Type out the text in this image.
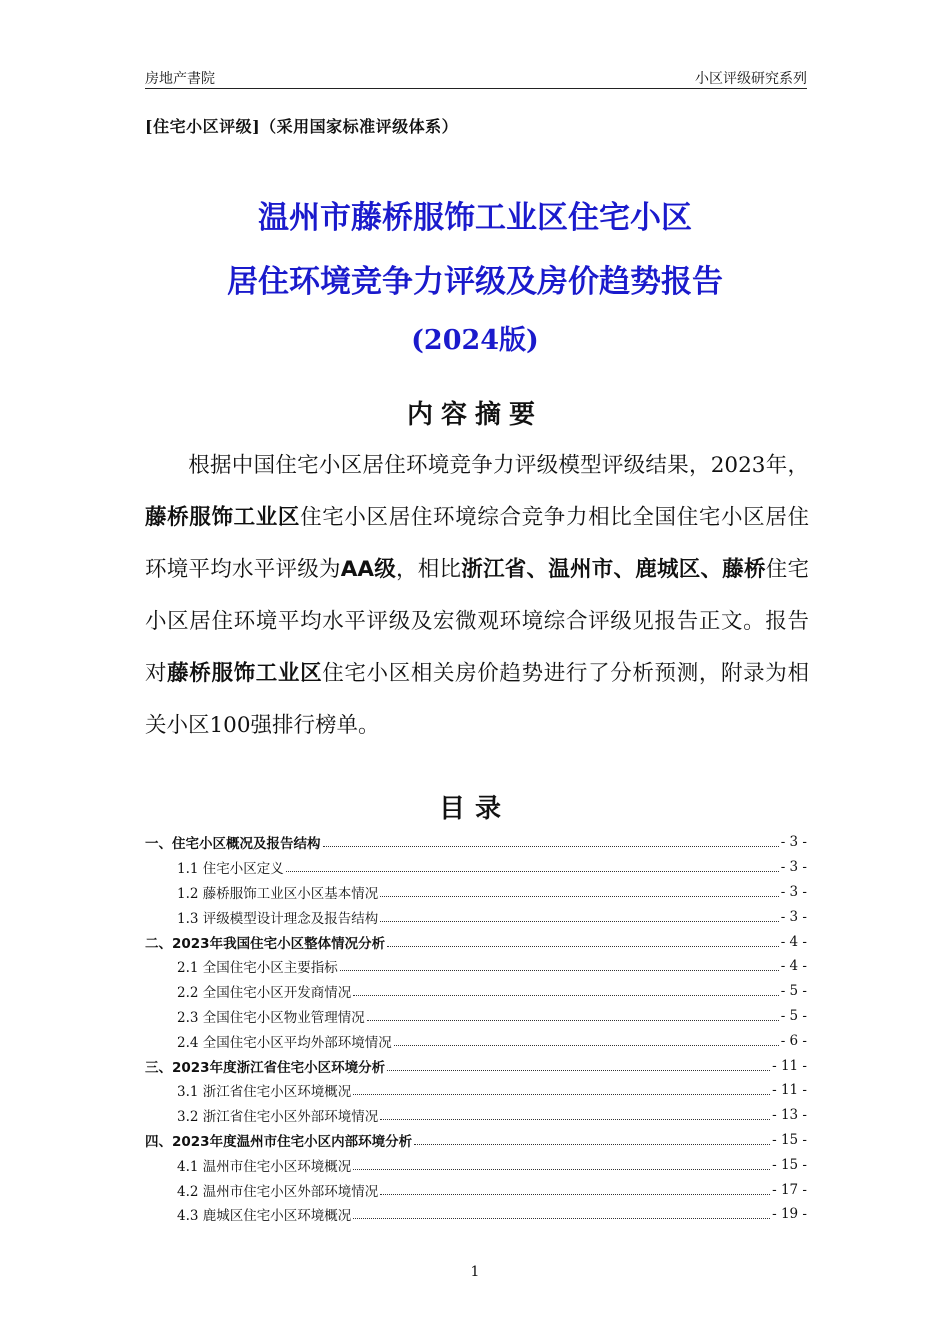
房地产書院	小区评级研究系列
[住宅小区评级]（采用国家标准评级体系）
温州市藤桥服饰工业区住宅小区
居住环境竞争力评级及房价趋势报告
(2024版)
内容摘要
根据中国住宅小区居住环境竞争力评级模型评级结果，2023年，藤桥服饰工业区住宅小区居住环境综合竞争力相比全国住宅小区居住环境平均水平评级为AA级，相比浙江省、温州市、鹿城区、藤桥住宅小区居住环境平均水平评级及宏微观环境综合评级见报告正文。报告对藤桥服饰工业区住宅小区相关房价趋势进行了分析预测，附录为相关小区100强排行榜单。
目录
一、住宅小区概况及报告结构	- 3 -
1.1 住宅小区定义	- 3 -
1.2 藤桥服饰工业区小区基本情况	- 3 -
1.3 评级模型设计理念及报告结构	- 3 -
二、2023年我国住宅小区整体情况分析	- 4 -
2.1 全国住宅小区主要指标	- 4 -
2.2 全国住宅小区开发商情况	- 5 -
2.3 全国住宅小区物业管理情况	- 5 -
2.4 全国住宅小区平均外部环境情况	- 6 -
三、2023年度浙江省住宅小区环境分析	- 11 -
3.1 浙江省住宅小区环境概况	- 11 -
3.2 浙江省住宅小区外部环境情况	- 13 -
四、2023年度温州市住宅小区内部环境分析	- 15 -
4.1 温州市住宅小区环境概况	- 15 -
4.2 温州市住宅小区外部环境情况	- 17 -
4.3 鹿城区住宅小区环境概况	- 19 -
1
